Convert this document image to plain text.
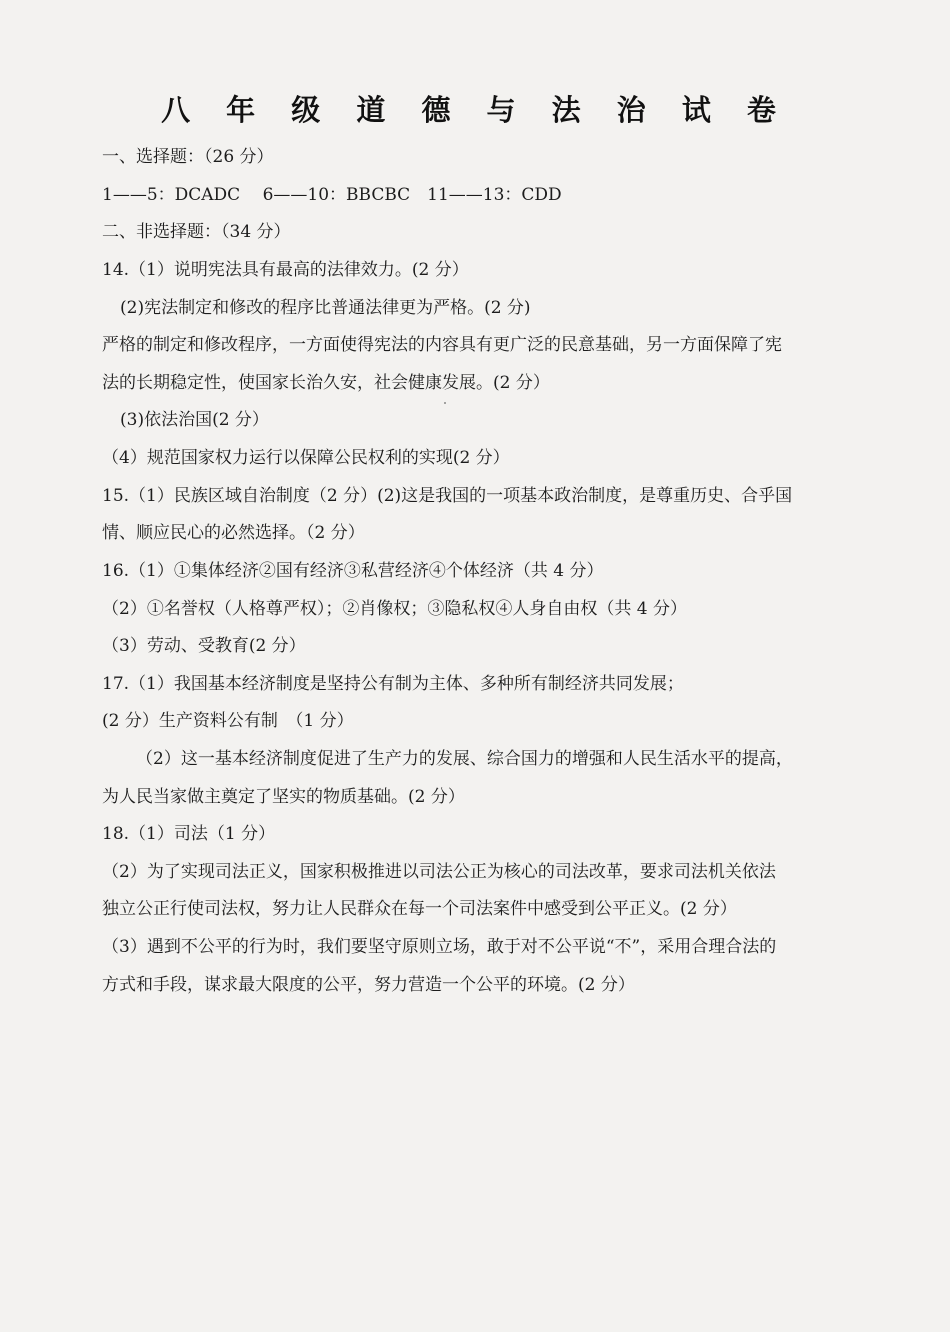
八 年 级 道 德 与 法 治 试 卷
一、选择题：（26 分）
1——5：DCADC　 6——10：BBCBC　11——13：CDD
二、非选择题：（34 分）
14.（1）说明宪法具有最高的法律效力。(2 分）
(2)宪法制定和修改的程序比普通法律更为严格。(2 分)
严格的制定和修改程序，一方面使得宪法的内容具有更广泛的民意基础，另一方面保障了宪
法的长期稳定性，使国家长治久安，社会健康发展。(2 分）
(3)依法治国(2 分）
（4）规范国家权力运行以保障公民权利的实现(2 分）
15.（1）民族区域自治制度（2 分）(2)这是我国的一项基本政治制度，是尊重历史、合乎国
情、顺应民心的必然选择。（2 分）
16.（1）①集体经济②国有经济③私营经济④个体经济（共 4 分）
（2）①名誉权（人格尊严权）；②肖像权；③隐私权④人身自由权（共 4 分）
（3）劳动、受教育(2 分）
17.（1）我国基本经济制度是坚持公有制为主体、多种所有制经济共同发展；
(2 分）生产资料公有制　（1 分）
（2）这一基本经济制度促进了生产力的发展、综合国力的增强和人民生活水平的提高，
为人民当家做主奠定了坚实的物质基础。(2 分）
18.（1）司法（1 分）
（2）为了实现司法正义，国家积极推进以司法公正为核心的司法改革，要求司法机关依法
独立公正行使司法权，努力让人民群众在每一个司法案件中感受到公平正义。(2 分）
（3）遇到不公平的行为时，我们要坚守原则立场，敢于对不公平说“不”，采用合理合法的
方式和手段，谋求最大限度的公平，努力营造一个公平的环境。(2 分）
